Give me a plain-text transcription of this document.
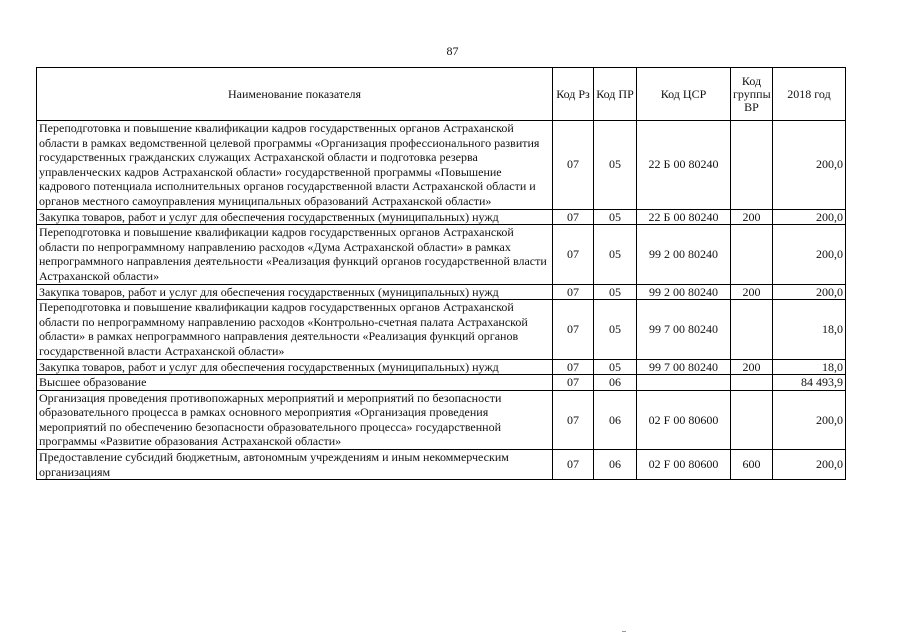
87
Наименование показателя	Код Рз	Код ПР	Код ЦСР	Код группы ВР	2018 год
Переподготовка и повышение квалификации кадров государственных органов Астраханской области в рамках ведомственной целевой программы «Организация профессионального развития государственных гражданских служащих Астраханской области и подготовка резерва управленческих кадров Астраханской области» государственной программы «Повышение кадрового потенциала исполнительных органов государственной власти Астраханской области и органов местного самоуправления муниципальных образований Астраханской области»	07	05	22 Б 00 80240		200,0
Закупка товаров, работ и услуг для обеспечения государственных (муниципальных) нужд	07	05	22 Б 00 80240	200	200,0
Переподготовка и повышение квалификации кадров государственных органов Астраханской области по непрограммному направлению расходов «Дума Астраханской области» в рамках непрограммного направления деятельности «Реализация функций органов государственной власти Астраханской области»	07	05	99 2 00 80240		200,0
Закупка товаров, работ и услуг для обеспечения государственных (муниципальных) нужд	07	05	99 2 00 80240	200	200,0
Переподготовка и повышение квалификации кадров государственных органов Астраханской области по непрограммному направлению расходов «Контрольно-счетная палата Астраханской области» в рамках непрограммного направления деятельности «Реализация функций органов государственной власти Астраханской области»	07	05	99 7 00 80240		18,0
Закупка товаров, работ и услуг для обеспечения государственных (муниципальных) нужд	07	05	99 7 00 80240	200	18,0
Высшее образование	07	06			84 493,9
Организация проведения противопожарных мероприятий и мероприятий по безопасности образовательного процесса в рамках основного мероприятия «Организация проведения мероприятий по обеспечению безопасности образовательного процесса» государственной программы «Развитие образования Астраханской области»	07	06	02 F 00 80600		200,0
Предоставление субсидий бюджетным, автономным учреждениям и иным некоммерческим организациям	07	06	02 F 00 80600	600	200,0
